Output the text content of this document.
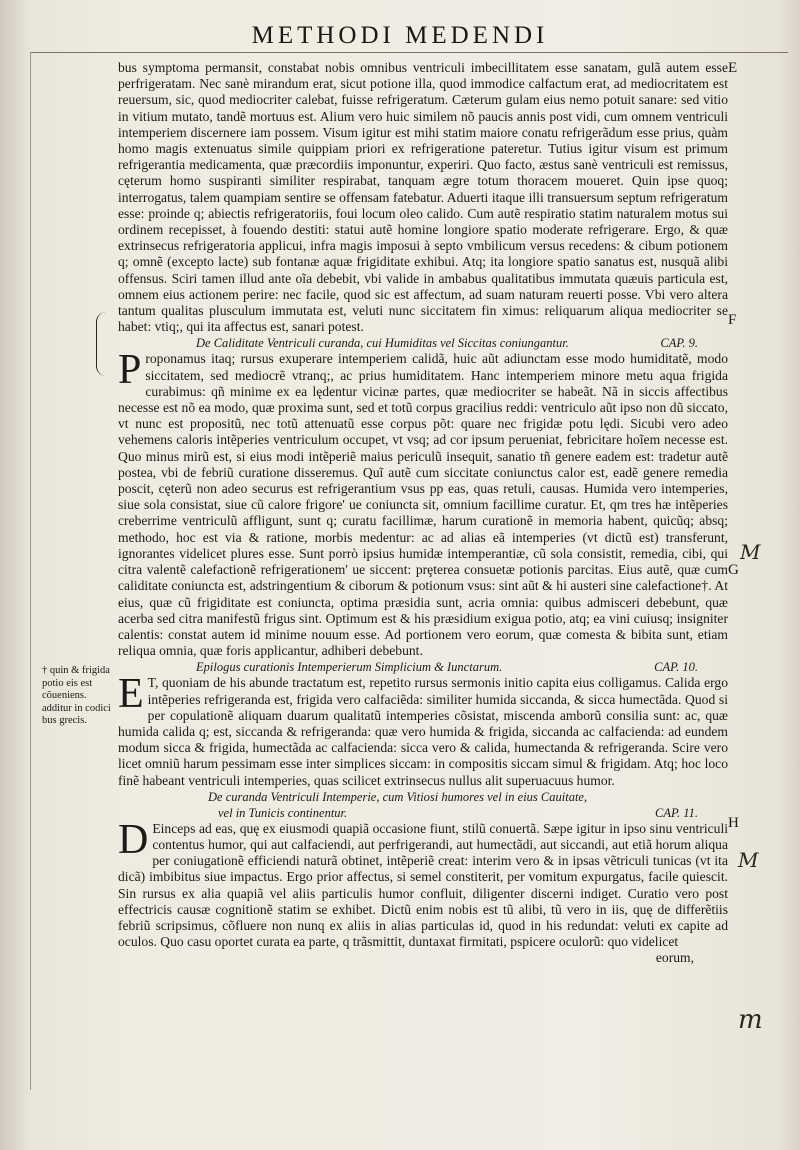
METHODI MEDENDI

bus symptoma permansit, constabat nobis omnibus ventriculi imbecillitatem esse sanatam, gulã autem esse perfrigeratam. Nec sanè mirandum erat, sicut potione illa, quod immodice calfactum erat, ad mediocritatem est reuersum, sic, quod mediocriter calebat, fuisse refrigeratum. Cæterum gulam eius nemo potuit sanare: sed vitio in vitium mutato, tandẽ mortuus est. Alium vero huic similem nõ paucis annis post vidi, cum omnem ventriculi intemperiem discernere iam possem. Visum igitur est mihi statim maiore conatu refrigerãdum esse prius, quàm homo magis extenuatus simile quippiam priori ex refrigeratione pateretur. Tutius igitur visum est primum refrigerantia medicamenta, quæ præcordiis imponuntur, experiri. Quo facto, æstus sanè ventriculi est remissus, cęterum homo suspiranti similiter respirabat, tanquam ægre totum thoracem moueret. Quin ipse quoq; interrogatus, talem quampiam sentire se offensam fatebatur. Aduerti itaque illi transuersum septum refrigeratum esse: proinde q; abiectis refrigeratoriis, foui locum oleo calido. Cum autẽ respiratio statim naturalem motus sui ordinem recepisset, à fouendo destiti: statui autẽ homine longiore spatio moderate refrigerare. Ergo, & quæ extrinsecus refrigeratoria applicui, infra magis imposui à septo vmbilicum versus recedens: & cibum potionem q; omnẽ (excepto lacte) sub fontanæ aquæ frigiditate exhibui. Atq; ita longiore spatio sanatus est, nusquã alibi offensus. Sciri tamen illud ante oĩa debebit, vbi valide in ambabus qualitatibus immutata quæuis particula est, omnem eius actionem perire: nec facile, quod sic est affectum, ad suam naturam reuerti posse. Vbi vero altera tantum qualitas plusculum immutata est, veluti nunc siccitatem fin ximus: reliquarum aliqua mediocriter se habet: vtiq;, qui ita affectus est, sanari potest.

De Caliditate Ventriculi curanda, cui Humiditas vel Siccitas coniungantur.	CAP. 9.

Proponamus itaq; rursus exuperare intemperiem calidã, huic aũt adiunctam esse modo humiditatẽ, modo siccitatem, sed mediocrẽ vtranq;, ac prius humiditatem. Hanc intemperiem minore metu aqua frigida curabimus: qñ minime ex ea lędentur vicinæ partes, quæ mediocriter se habeãt. Nã in siccis affectibus necesse est nõ ea modo, quæ proxima sunt, sed et totũ corpus gracilius reddi: ventriculo aũt ipso non dũ siccato, vt nunc est propositũ, nec totũ attenuatũ esse corpus põt: quare nec frigidæ potu lędi. Sicubi vero adeo vehemens caloris intẽperies ventriculum occupet, vt vsq; ad cor ipsum perueniat, febricitare hoĩem necesse est. Quo minus mirũ est, si eius modi intẽperiẽ maius periculũ insequit, sanatio tñ genere eadem est: tradetur autẽ postea, vbi de febriũ curatione disseremus. Quĩ autẽ cum siccitate coniunctus calor est, eadẽ genere remedia poscit, cęterũ non adeo securus est refrigerantium vsus pp eas, quas retuli, causas. Humida vero intemperies, siue sola consistat, siue cũ calore frigore' ue coniuncta sit, omnium facillime curatur. Et, qm tres hæ intẽperies creberrime ventriculũ affligunt, sunt q; curatu facillimæ, harum curationẽ in memoria habent, quicũq; absq; methodo, hoc est via & ratione, morbis medentur: ac ad alias eã intemperies (vt dictũ est) transferunt, ignorantes videlicet plures esse. Sunt porrò ipsius humidæ intemperantiæ, cũ sola consistit, remedia, cibi, qui citra valentẽ calefactionẽ refrigerationem' ue siccent: prȩterea consuetæ potionis parcitas. Eius autẽ, quæ cum caliditate coniuncta est, adstringentium & ciborum & potionum vsus: sint aũt & hi austeri sine calefactione†. At eius, quæ cũ frigiditate est coniuncta, optima præsidia sunt, acria omnia: quibus admisceri debebunt, quæ acerba sed citra manifestũ frigus sint. Optimum est & his præsidium exigua potio, atq; ea vini cuiusq; insigniter calentis: constat autem id minime nouum esse. Ad portionem vero eorum, quæ comesta & bibita sunt, etiam reliqua omnia, quæ foris applicantur, adhiberi debebunt.

Epilogus curationis Intemperierum Simplicium & Iunctarum.	CAP. 10.

E T, quoniam de his abunde tractatum est, repetito rursus sermonis initio capita eius colligamus. Calida ergo intẽperies refrigeranda est, frigida vero calfaciẽda: similiter humida siccanda, & sicca humectãda. Quod si per copulationẽ aliquam duarum qualitatũ intemperies cõsistat, miscenda amborũ consilia sunt: ac, quæ humida calida q; est, siccanda & refrigeranda: quæ vero humida & frigida, siccanda ac calfacienda: ad eundem modum sicca & frigida, humectãda ac calfacienda: sicca vero & calida, humectanda & refrigeranda. Scire vero licet omniũ harum pessimam esse inter simplices siccam: in compositis siccam simul & frigidam. Atq; hoc loco finẽ habeant ventriculi intemperies, quas scilicet extrinsecus nullus alit superuacuus humor.

De curanda Ventriculi Intemperie, cum Vitiosi humores vel in eius Cauitate,
vel in Tunicis continentur.	CAP. 11.

D Einceps ad eas, quę ex eiusmodi quapiã occasione fiunt, stilũ conuertã. Sæpe igitur in ipso sinu ventriculi contentus humor, qui aut calfaciendi, aut perfrigerandi, aut humectãdi, aut siccandi, aut etiã horum aliqua per coniugationẽ efficiendi naturã obtinet, intẽperiẽ creat: interim vero & in ipsas vẽtriculi tunicas (vt ita dicã) imbibitus siue impactus. Ergo prior affectus, si semel constiterit, per vomitum expurgatus, facile quiescit. Sin rursus ex alia quapiã vel aliis particulis humor confluit, diligenter discerni indiget. Curatio vero post effectricis causæ cognitionẽ statim se exhibet. Dictũ enim nobis est tũ alibi, tũ vero in iis, quę de differẽtiis febriũ scripsimus, cõfluere non nunq ex aliis in alias particulas id, quod in his redundat: veluti ex capite ad oculos. Quo casu oportet curata ea parte, q trãsmittit, duntaxat firmitati, pspicere oculorũ: quo videlicet

eorum,
E
F
G
H
M
M
m
† quin & frigida potio eis est cõueniens. additur in codici bus grecis.
